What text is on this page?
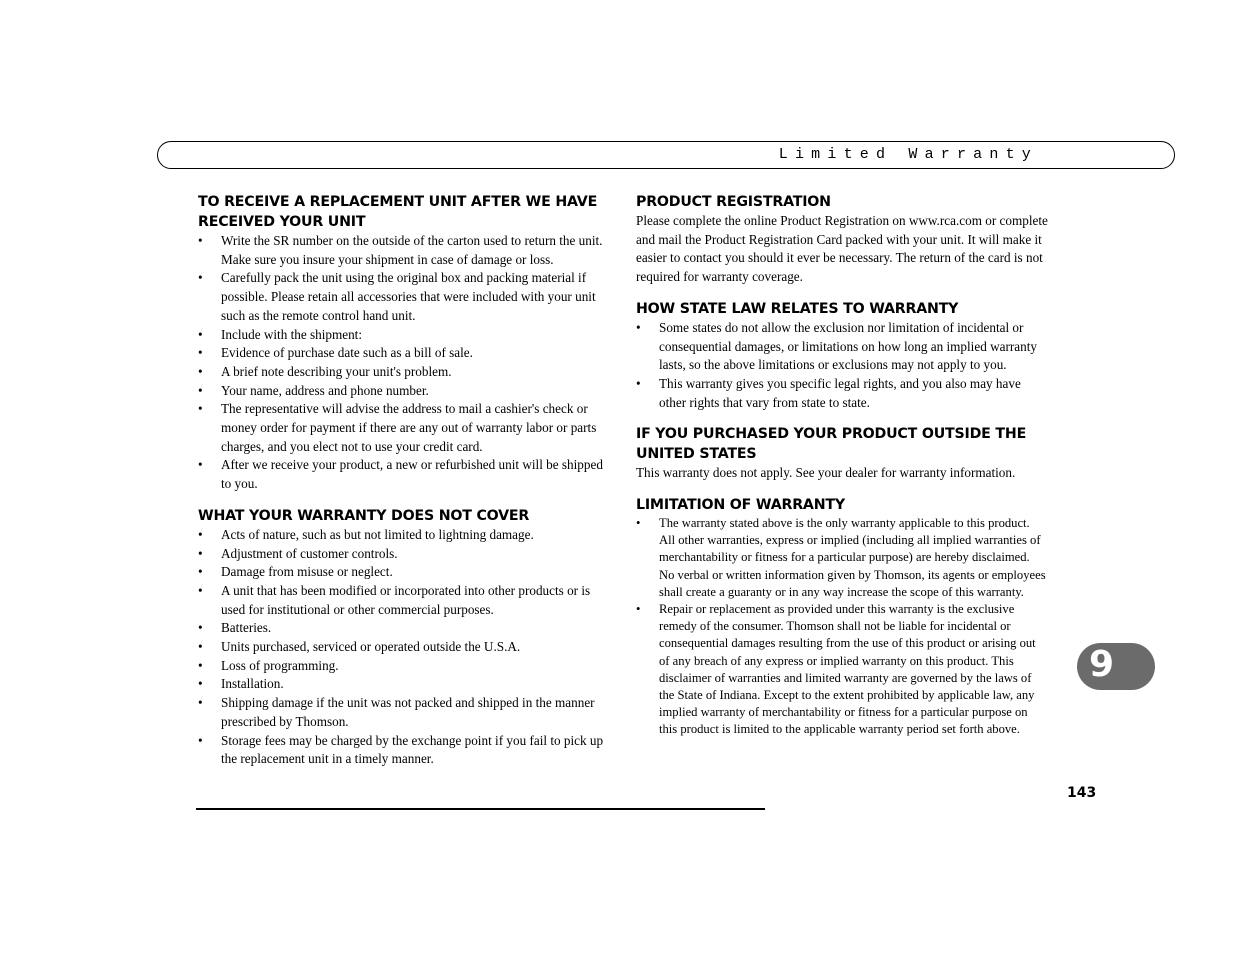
Limited Warranty
TO RECEIVE A REPLACEMENT UNIT AFTER WE HAVE RECEIVED YOUR UNIT
• Write the SR number on the outside of the carton used to return the unit. Make sure you insure your shipment in case of damage or loss.
• Carefully pack the unit using the original box and packing material if possible. Please retain all accessories that were included with your unit such as the remote control hand unit.
• Include with the shipment:
• Evidence of purchase date such as a bill of sale.
• A brief note describing your unit's problem.
• Your name, address and phone number.
• The representative will advise the address to mail a cashier's check or money order for payment if there are any out of warranty labor or parts charges, and you elect not to use your credit card.
• After we receive your product, a new or refurbished unit will be shipped to you.
WHAT YOUR WARRANTY DOES NOT COVER
• Acts of nature, such as but not limited to lightning damage.
• Adjustment of customer controls.
• Damage from misuse or neglect.
• A unit that has been modified or incorporated into other products or is used for institutional or other commercial purposes.
• Batteries.
• Units purchased, serviced or operated outside the U.S.A.
• Loss of programming.
• Installation.
• Shipping damage if the unit was not packed and shipped in the manner prescribed by Thomson.
• Storage fees may be charged by the exchange point if you fail to pick up the replacement unit in a timely manner.
PRODUCT REGISTRATION

Please complete the online Product Registration on www.rca.com or complete and mail the Product Registration Card packed with your unit. It will make it easier to contact you should it ever be necessary. The return of the card is not required for warranty coverage.

HOW STATE LAW RELATES TO WARRANTY
• Some states do not allow the exclusion nor limitation of incidental or consequential damages, or limitations on how long an implied warranty lasts, so the above limitations or exclusions may not apply to you.
• This warranty gives you specific legal rights, and you also may have other rights that vary from state to state.
IF YOU PURCHASED YOUR PRODUCT OUTSIDE THE UNITED STATES

This warranty does not apply. See your dealer for warranty information.

LIMITATION OF WARRANTY
• The warranty stated above is the only warranty applicable to this product. All other warranties, express or implied (including all implied warranties of merchantability or fitness for a particular purpose) are hereby disclaimed. No verbal or written information given by Thomson, its agents or employees shall create a guaranty or in any way increase the scope of this warranty.
• Repair or replacement as provided under this warranty is the exclusive remedy of the consumer. Thomson shall not be liable for incidental or consequential damages resulting from the use of this product or arising out of any breach of any express or implied warranty on this product. This disclaimer of warranties and limited warranty are governed by the laws of the State of Indiana. Except to the extent prohibited by applicable law, any implied warranty of merchantability or fitness for a particular purpose on this product is limited to the applicable warranty period set forth above.
143
9
